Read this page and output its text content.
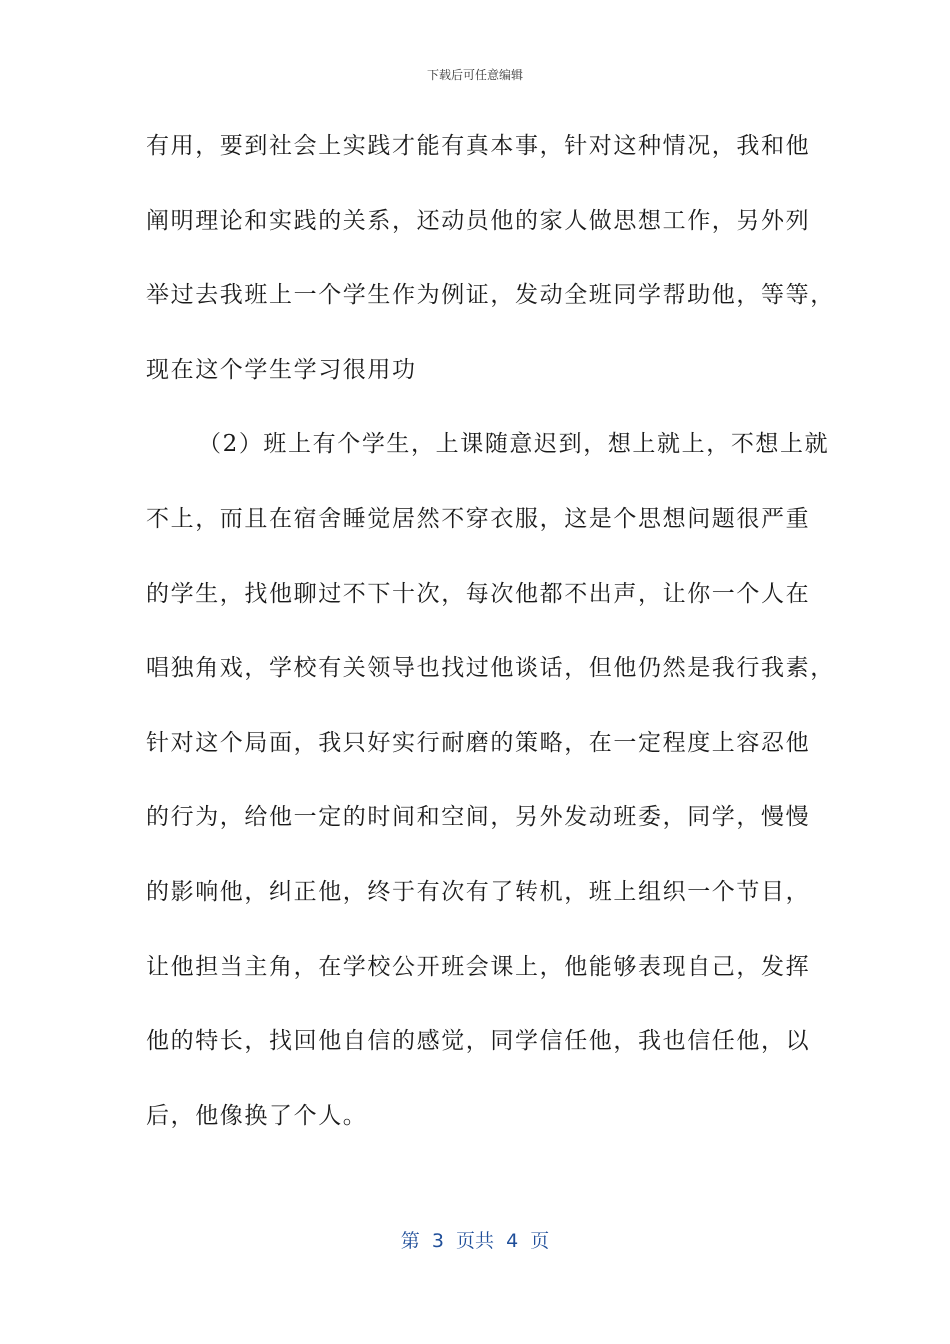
下载后可任意编辑
有用，要到社会上实践才能有真本事，针对这种情况，我和他
阐明理论和实践的关系，还动员他的家人做思想工作，另外列
举过去我班上一个学生作为例证，发动全班同学帮助他，等等，
现在这个学生学习很用功
（2）班上有个学生，上课随意迟到，想上就上，不想上就
不上，而且在宿舍睡觉居然不穿衣服，这是个思想问题很严重
的学生，找他聊过不下十次，每次他都不出声，让你一个人在
唱独角戏，学校有关领导也找过他谈话，但他仍然是我行我素，
针对这个局面，我只好实行耐磨的策略，在一定程度上容忍他
的行为，给他一定的时间和空间，另外发动班委，同学，慢慢
的影响他，纠正他，终于有次有了转机，班上组织一个节目，
让他担当主角，在学校公开班会课上，他能够表现自己，发挥
他的特长，找回他自信的感觉，同学信任他，我也信任他，以
后，他像换了个人。
第  3  页共  4  页
